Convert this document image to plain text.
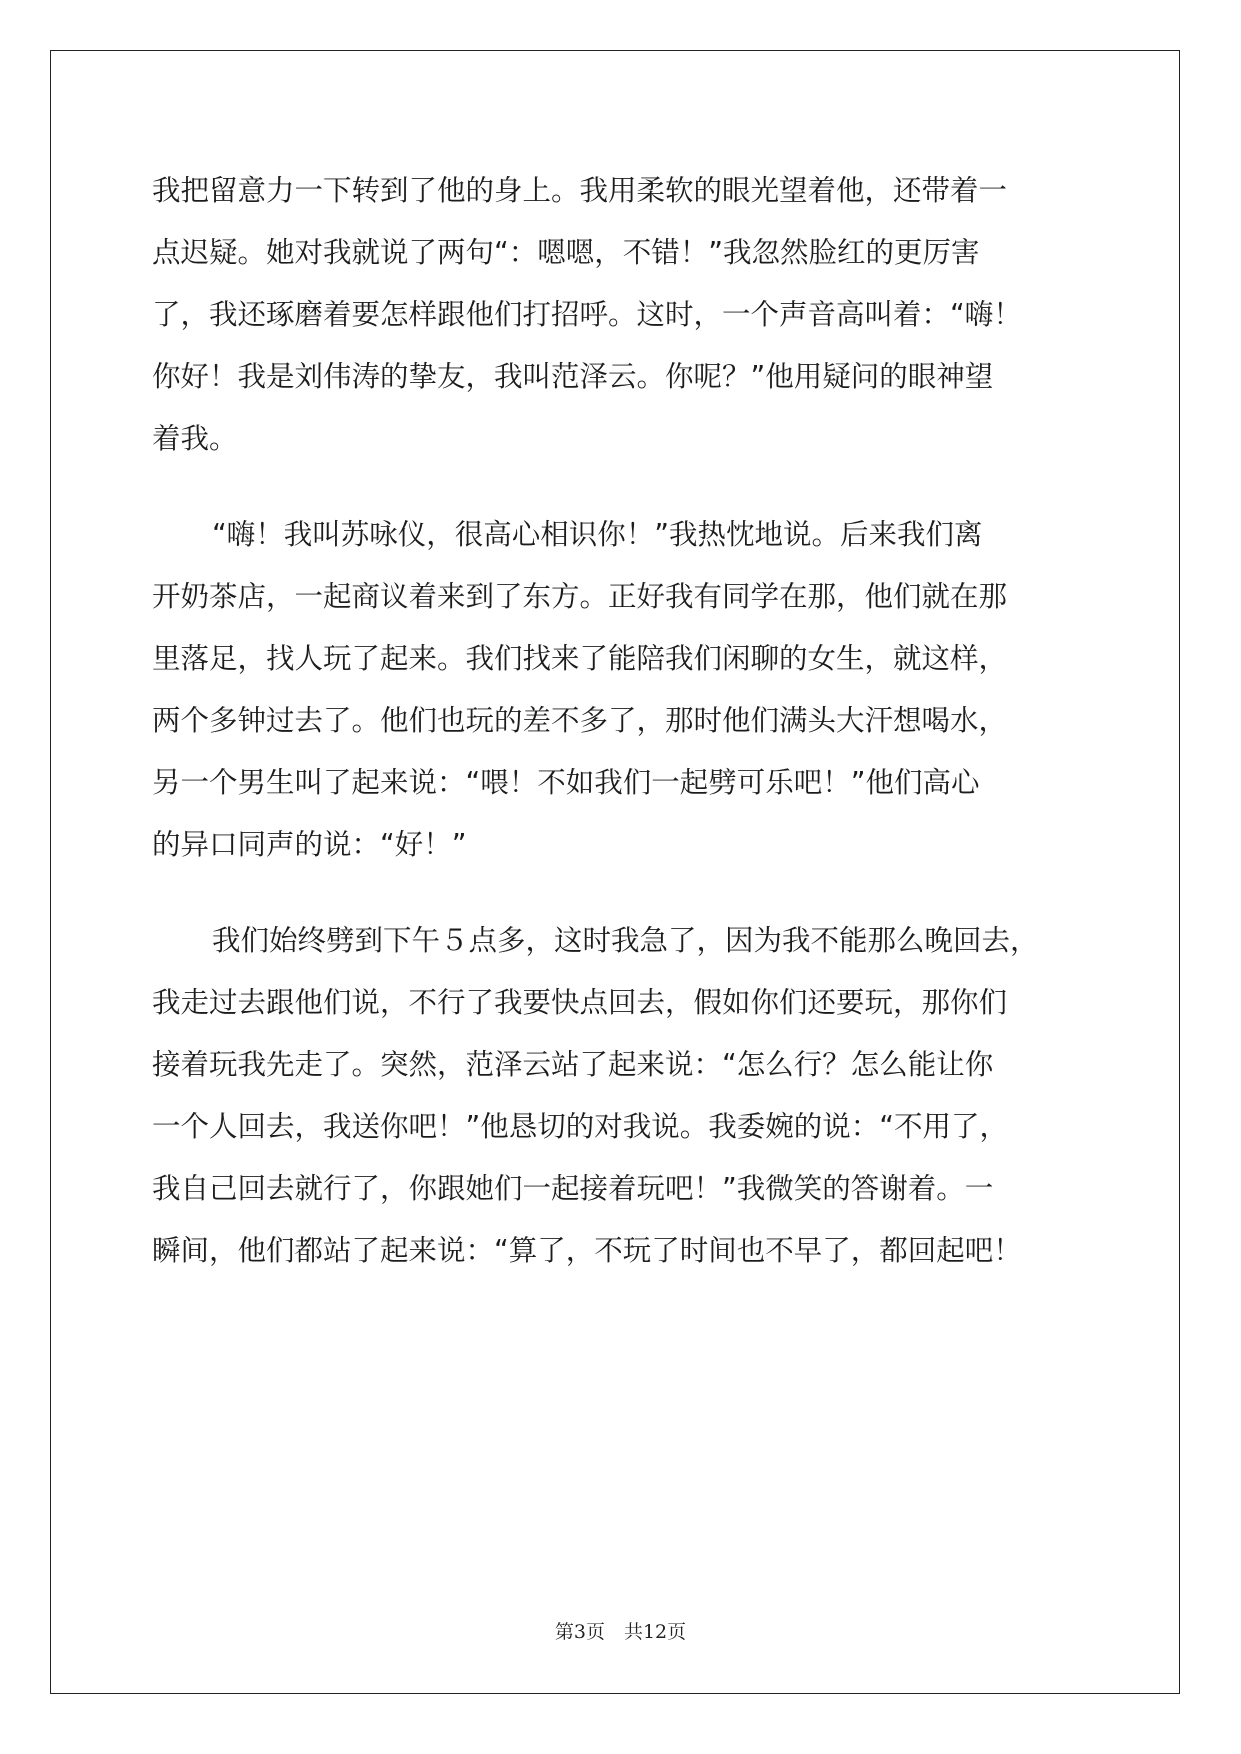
我把留意力一下转到了他的身上。我用柔软的眼光望着他，还带着一
点迟疑。她对我就说了两句“：嗯嗯，不错！”我忽然脸红的更厉害
了，我还琢磨着要怎样跟他们打招呼。这时，一个声音高叫着：“嗨！
你好！我是刘伟涛的挚友，我叫范泽云。你呢？”他用疑问的眼神望
着我。
“嗨！我叫苏咏仪，很高心相识你！”我热忱地说。后来我们离
开奶茶店，一起商议着来到了东方。正好我有同学在那，他们就在那
里落足，找人玩了起来。我们找来了能陪我们闲聊的女生，就这样，
两个多钟过去了。他们也玩的差不多了，那时他们满头大汗想喝水，
另一个男生叫了起来说：“喂！不如我们一起劈可乐吧！”他们高心
的异口同声的说：“好！”
我们始终劈到下午５点多，这时我急了，因为我不能那么晚回去，
我走过去跟他们说，不行了我要快点回去，假如你们还要玩，那你们
接着玩我先走了。突然，范泽云站了起来说：“怎么行？怎么能让你
一个人回去，我送你吧！”他恳切的对我说。我委婉的说：“不用了，
我自己回去就行了，你跟她们一起接着玩吧！”我微笑的答谢着。一
瞬间，他们都站了起来说：“算了，不玩了时间也不早了，都回起吧！
第3页　共12页
